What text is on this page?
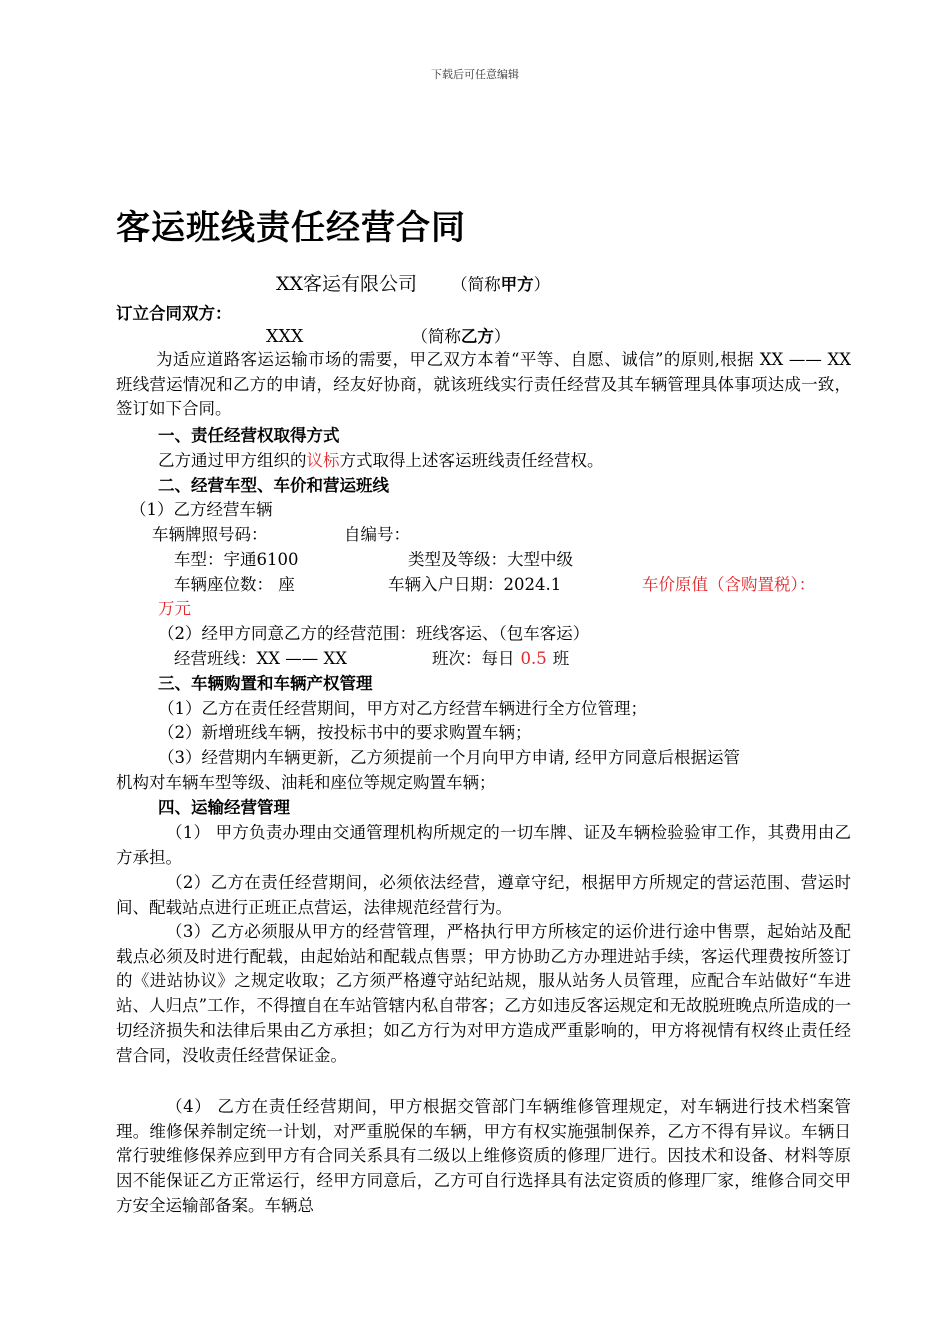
下载后可任意编辑
客运班线责任经营合同
XX客运有限公司 （简称甲方）
订立合同双方：
XXX	（简称乙方）
为适应道路客运运输市场的需要，甲乙双方本着“平等、自愿、诚信”的原则,根据 XX —— XX班线营运情况和乙方的申请，经友好协商，就该班线实行责任经营及其车辆管理具体事项达成一致，签订如下合同。
一、责任经营权取得方式
乙方通过甲方组织的议标方式取得上述客运班线责任经营权。
二、经营车型、车价和营运班线
（1）乙方经营车辆
车辆牌照号码：	自编号：
车型：宇通6100	类型及等级：大型中级
车辆座位数： 座	车辆入户日期：2024.1	车价原值（含购置税）：
万元
（2）经甲方同意乙方的经营范围：班线客运、（包车客运）
经营班线：XX —— XX	班次：每日 0.5 班
三、车辆购置和车辆产权管理
（1）乙方在责任经营期间，甲方对乙方经营车辆进行全方位管理；
（2）新增班线车辆，按投标书中的要求购置车辆；
（3）经营期内车辆更新，乙方须提前一个月向甲方申请, 经甲方同意后根据运管
机构对车辆车型等级、油耗和座位等规定购置车辆；
四、运输经营管理
（1） 甲方负责办理由交通管理机构所规定的一切车牌、证及车辆检验验审工作，其费用由乙方承担。
（2）乙方在责任经营期间，必须依法经营，遵章守纪，根据甲方所规定的营运范围、营运时间、配载站点进行正班正点营运，法律规范经营行为。
（3）乙方必须服从甲方的经营管理，严格执行甲方所核定的运价进行途中售票，起始站及配载点必须及时进行配载，由起始站和配载点售票；甲方协助乙方办理进站手续，客运代理费按所签订的《进站协议》之规定收取；乙方须严格遵守站纪站规，服从站务人员管理，应配合车站做好“车进站、人归点”工作，不得擅自在车站管辖内私自带客；乙方如违反客运规定和无故脱班晚点所造成的一切经济损失和法律后果由乙方承担；如乙方行为对甲方造成严重影响的，甲方将视情有权终止责任经营合同，没收责任经营保证金。
（4） 乙方在责任经营期间，甲方根据交管部门车辆维修管理规定，对车辆进行技术档案管理。维修保养制定统一计划，对严重脱保的车辆，甲方有权实施强制保养，乙方不得有异议。车辆日常行驶维修保养应到甲方有合同关系具有二级以上维修资质的修理厂进行。因技术和设备、材料等原因不能保证乙方正常运行，经甲方同意后，乙方可自行选择具有法定资质的修理厂家，维修合同交甲方安全运输部备案。车辆总
